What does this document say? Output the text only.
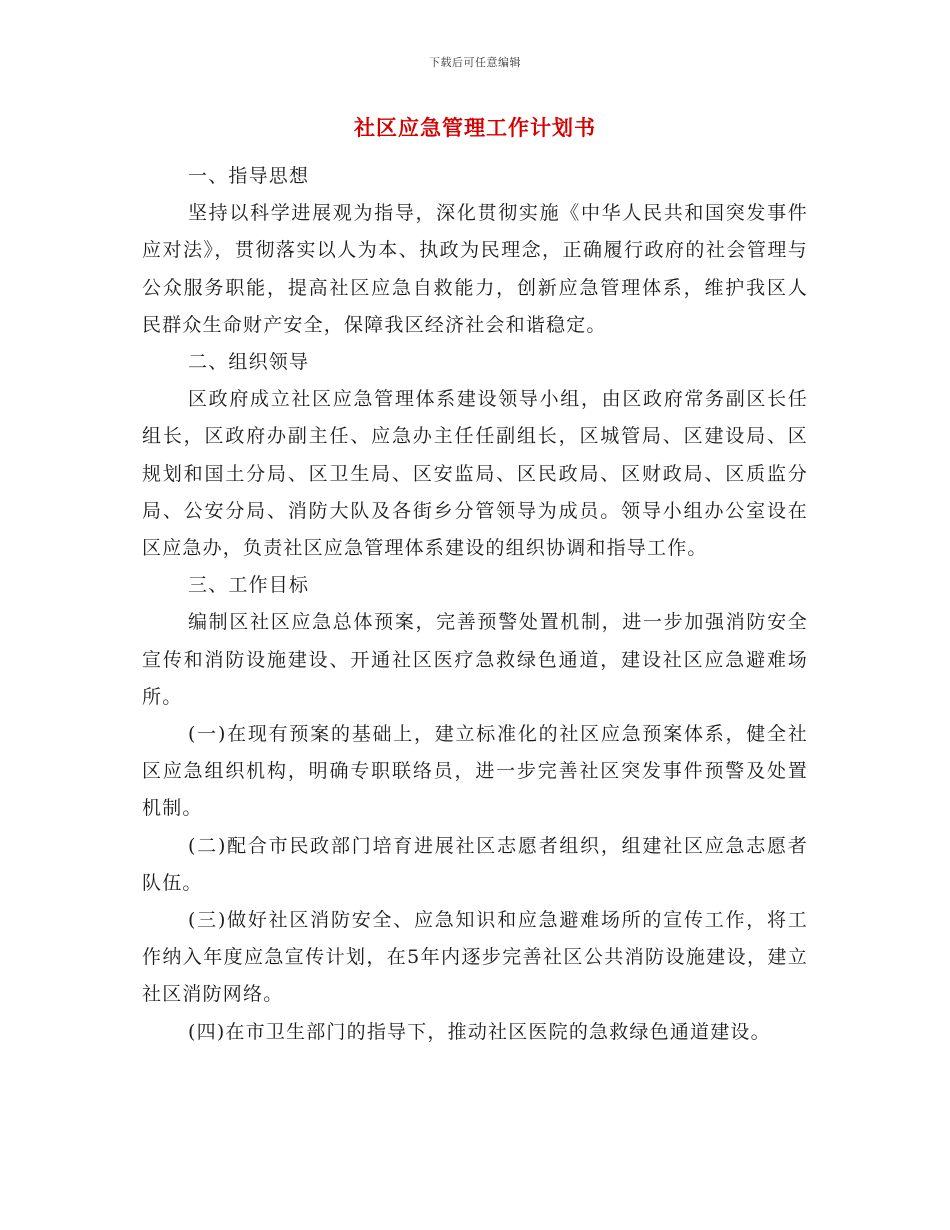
下载后可任意编辑
社区应急管理工作计划书

一、指导思想

坚持以科学进展观为指导，深化贯彻实施《中华人民共和国突发事件应对法》，贯彻落实以人为本、执政为民理念，正确履行政府的社会管理与公众服务职能，提高社区应急自救能力，创新应急管理体系，维护我区人民群众生命财产安全，保障我区经济社会和谐稳定。

二、组织领导

区政府成立社区应急管理体系建设领导小组，由区政府常务副区长任组长，区政府办副主任、应急办主任任副组长，区城管局、区建设局、区规划和国土分局、区卫生局、区安监局、区民政局、区财政局、区质监分局、公安分局、消防大队及各街乡分管领导为成员。领导小组办公室设在区应急办，负责社区应急管理体系建设的组织协调和指导工作。

三、工作目标

编制区社区应急总体预案，完善预警处置机制，进一步加强消防安全宣传和消防设施建设、开通社区医疗急救绿色通道，建设社区应急避难场所。

(一)在现有预案的基础上，建立标准化的社区应急预案体系，健全社区应急组织机构，明确专职联络员，进一步完善社区突发事件预警及处置机制。

(二)配合市民政部门培育进展社区志愿者组织，组建社区应急志愿者队伍。

(三)做好社区消防安全、应急知识和应急避难场所的宣传工作，将工作纳入年度应急宣传计划，在5年内逐步完善社区公共消防设施建设，建立社区消防网络。

(四)在市卫生部门的指导下，推动社区医院的急救绿色通道建设。
